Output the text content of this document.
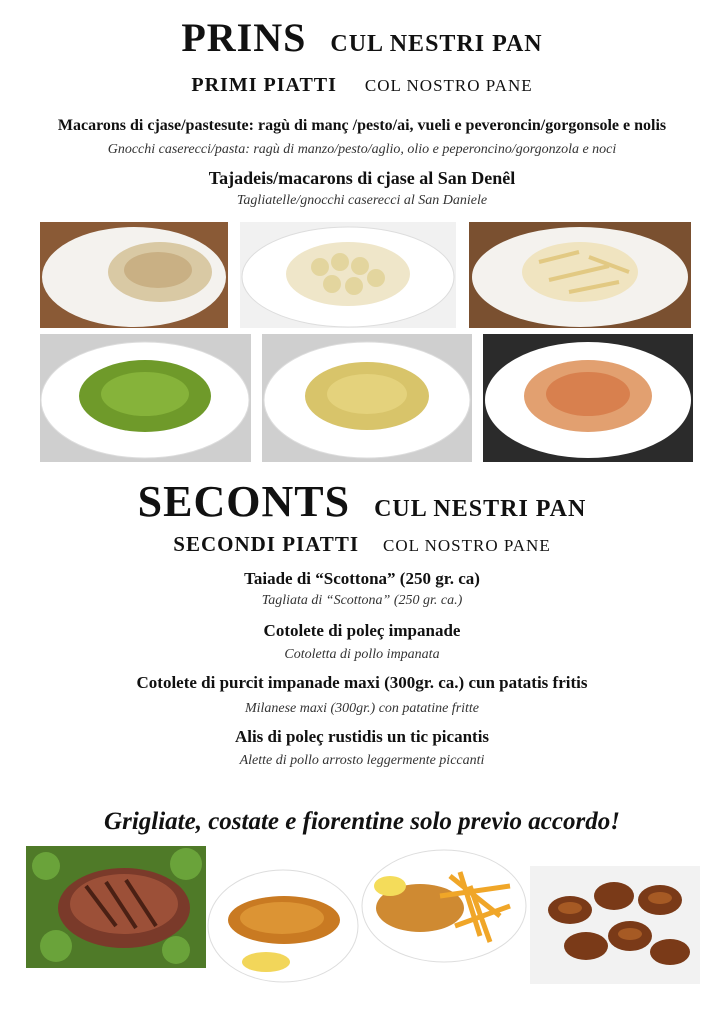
PRINS CUL NESTRI PAN
PRIMI PIATTI COL NOSTRO PANE
Macarons di cjase/pastesute: ragù di manç /pesto/ai, vueli e peveroncin/gorgonsole e nolis
Gnocchi caserecci/pasta: ragù di manzo/pesto/aglio, olio e peperoncino/gorgonzola e noci
Tajadeis/macarons di cjase al San Denêl
Tagliatelle/gnocchi caserecci al San Daniele
SECONTS CUL NESTRI PAN
SECONDI PIATTI COL NOSTRO PANE
Taiade di “Scottona” (250 gr. ca)
Tagliata di “Scottona” (250 gr. ca.)
Cotolete di poleç impanade
Cotoletta di pollo impanata
Cotolete di purcit impanade maxi (300gr. ca.) cun patatis fritis
Milanese maxi (300gr.) con patatine fritte
Alis di poleç rustidis un tic picantis
Alette di pollo arrosto leggermente piccanti
Grigliate, costate e fiorentine solo previo accordo!
